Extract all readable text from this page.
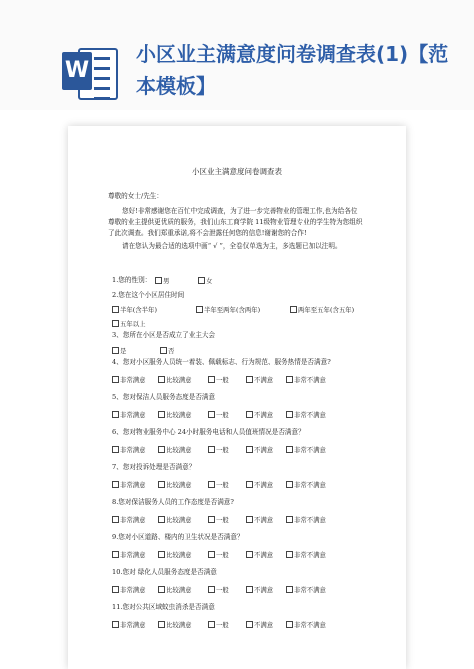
W
小区业主满意度问卷调查表(1)【范本模板】
小区业主满意度问卷调查表
尊敬的女士/先生：
您好!非常感谢您在百忙中完成调查，为了进一步完善物业的管理工作,也为给各位尊敬的业主提供更优质的服务，我们山东工商学院 11级物业管理专业的学生特为您组织了此次调查。我们郑重承诺,将不会泄露任何您的信息!谢谢您的合作!
请在您认为最合适的选项中画“ √ ”，全卷仅单选为主，多选题已加以注明。
1.您的性别：	男	女
2.您在这个小区居住时间
半年(含半年)	半年至两年(含两年)	两年至五年(含五年)
五年以上
3、您所在小区是否成立了业主大会
是	否
4、您对小区服务人员统一着装、佩载标志、行为规范、服务热情是否满意?
非常满意	比较满意	一般	不满意	非常不满意
5、您对保洁人员服务态度是否满意
非常满意	比较满意	一般	不满意	非常不满意
6、您对物业服务中心 24小时服务电话和人员值班情况是否满意？
非常满意	比较满意	一般	不满意	非常不满意
7、您对投诉处理是否满意？
非常满意	比较满意	一般	不满意	非常不满意
8.您对保洁服务人员的工作态度是否满意?
非常满意	比较满意	一般	不满意	非常不满意
9.您对小区道路、楼内的卫生状况是否满意？
非常满意	比较满意	一般	不满意	非常不满意
10.您对 绿化人员服务态度是否满意
非常满意	比较满意	一般	不满意	非常不满意
11.您对公共区域蚊虫消杀是否满意
非常满意	比较满意	一般	不满意	非常不满意
